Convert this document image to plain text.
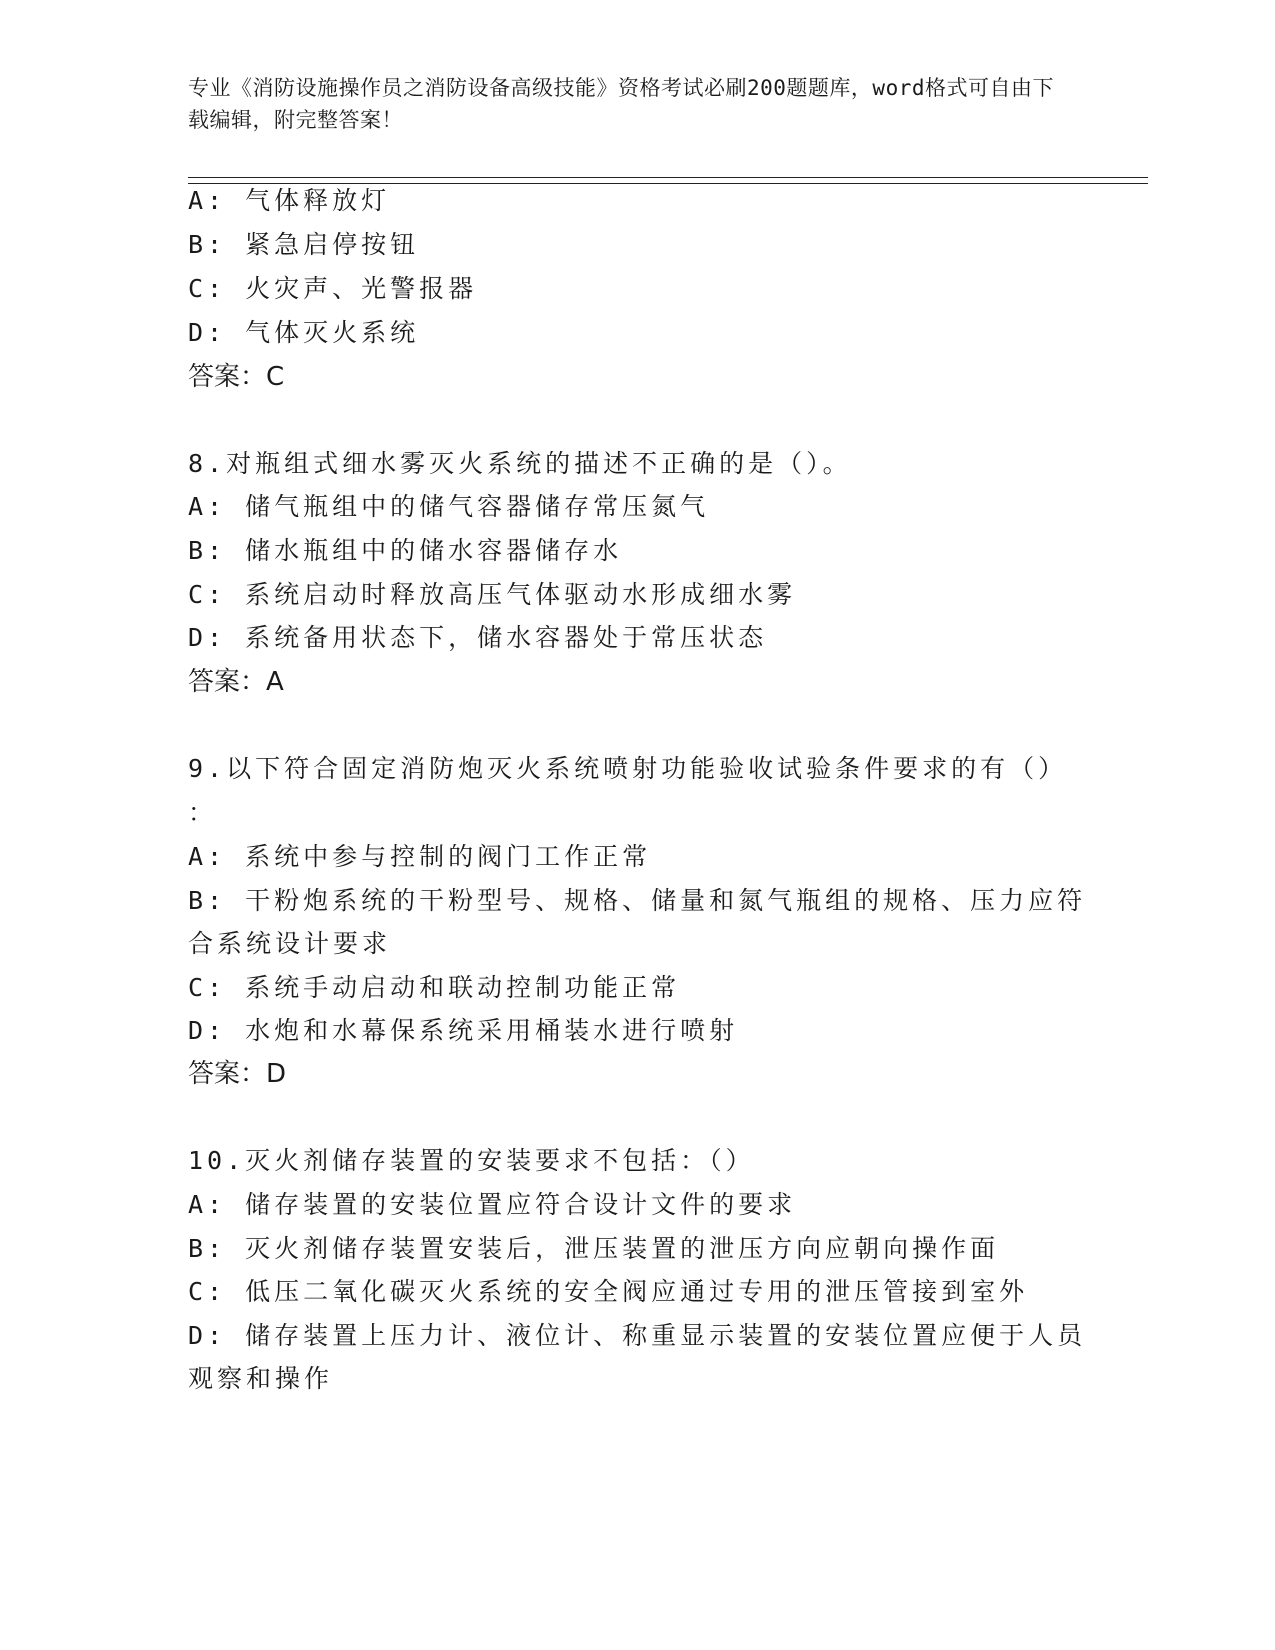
专业《消防设施操作员之消防设备高级技能》资格考试必刷200题题库，word格式可自由下载编辑，附完整答案！
A: 气体释放灯
B: 紧急启停按钮
C: 火灾声、光警报器
D: 气体灭火系统
答案：C
8.对瓶组式细水雾灭火系统的描述不正确的是（）。
A: 储气瓶组中的储气容器储存常压氮气
B: 储水瓶组中的储水容器储存水
C: 系统启动时释放高压气体驱动水形成细水雾
D: 系统备用状态下，储水容器处于常压状态
答案：A
9.以下符合固定消防炮灭火系统喷射功能验收试验条件要求的有（）
：
A: 系统中参与控制的阀门工作正常
B: 干粉炮系统的干粉型号、规格、储量和氮气瓶组的规格、压力应符
合系统设计要求
C: 系统手动启动和联动控制功能正常
D: 水炮和水幕保系统采用桶装水进行喷射
答案：D
10.灭火剂储存装置的安装要求不包括：（）
A: 储存装置的安装位置应符合设计文件的要求
B: 灭火剂储存装置安装后，泄压装置的泄压方向应朝向操作面
C: 低压二氧化碳灭火系统的安全阀应通过专用的泄压管接到室外
D: 储存装置上压力计、液位计、称重显示装置的安装位置应便于人员
观察和操作
